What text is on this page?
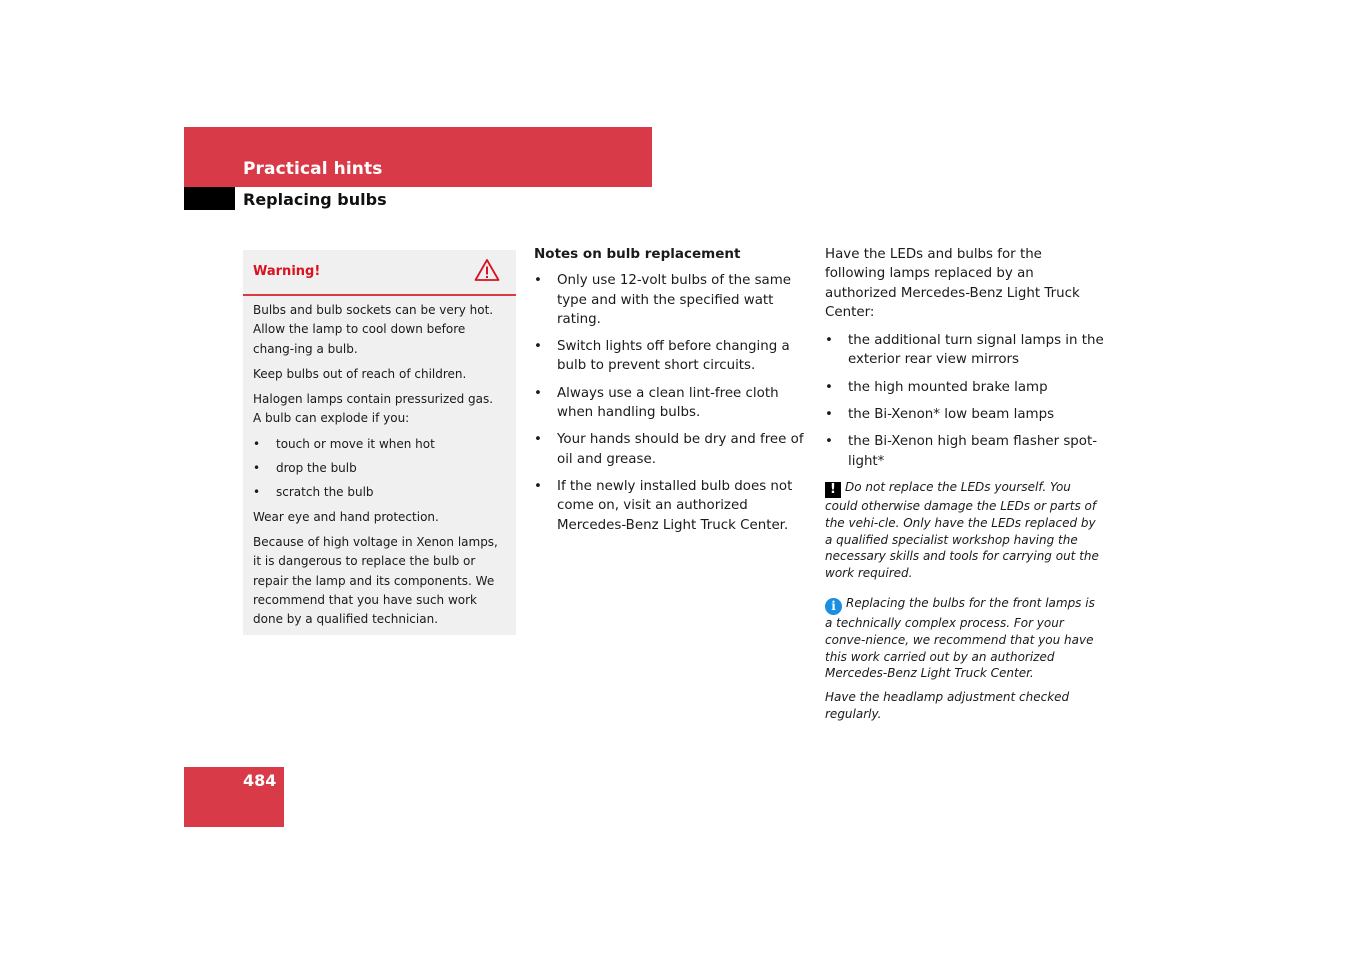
Practical hints
Replacing bulbs
Warning!

Bulbs and bulb sockets can be very hot. Allow the lamp to cool down before chang-ing a bulb.

Keep bulbs out of reach of children.

Halogen lamps contain pressurized gas.
A bulb can explode if you:

• touch or move it when hot
• drop the bulb
• scratch the bulb

Wear eye and hand protection.

Because of high voltage in Xenon lamps, it is dangerous to replace the bulb or repair the lamp and its components. We recommend that you have such work done by a qualified technician.

Notes on bulb replacement

• Only use 12-volt bulbs of the same type and with the specified watt rating.
• Switch lights off before changing a bulb to prevent short circuits.
• Always use a clean lint-free cloth when handling bulbs.
• Your hands should be dry and free of oil and grease.
• If the newly installed bulb does not come on, visit an authorized Mercedes-Benz Light Truck Center.

Have the LEDs and bulbs for the following lamps replaced by an authorized Mercedes-Benz Light Truck Center:

• the additional turn signal lamps in the exterior rear view mirrors
• the high mounted brake lamp
• the Bi-Xenon* low beam lamps
• the Bi-Xenon high beam flasher spot-light*

! Do not replace the LEDs yourself. You could otherwise damage the LEDs or parts of the vehi-cle. Only have the LEDs replaced by a qualified specialist workshop having the necessary skills and tools for carrying out the work required.

i Replacing the bulbs for the front lamps is a technically complex process. For your conve-nience, we recommend that you have this work carried out by an authorized Mercedes-Benz Light Truck Center.

Have the headlamp adjustment checked regularly.

484
